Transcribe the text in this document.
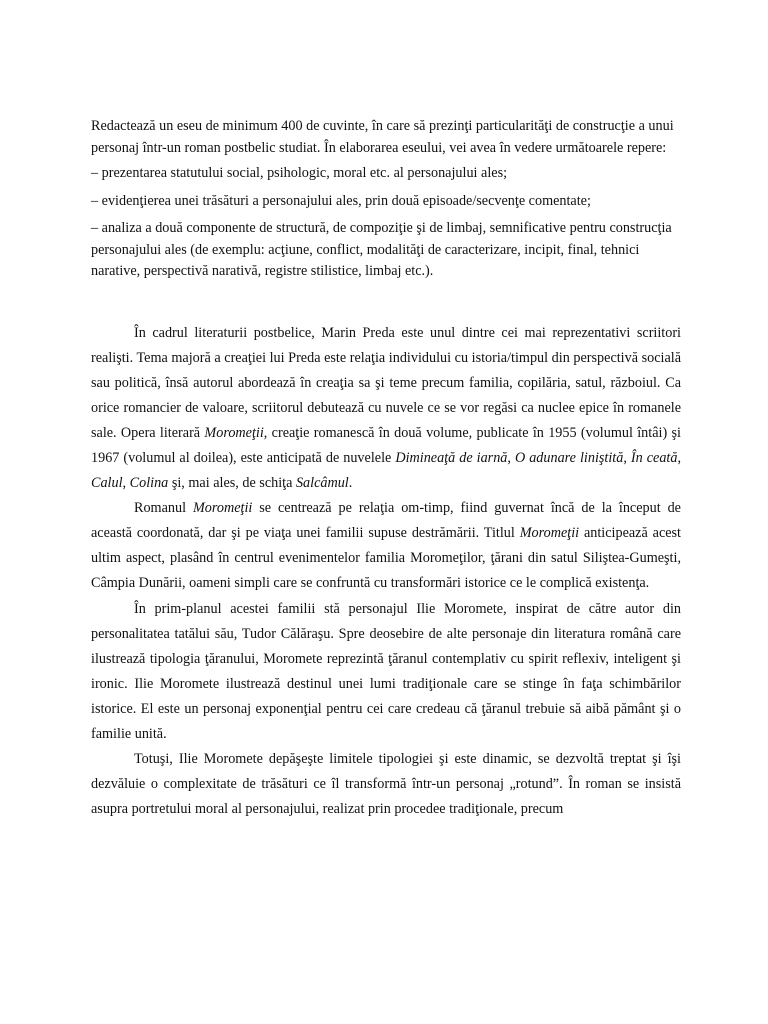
Redactează un eseu de minimum 400 de cuvinte, în care să prezinţi particularităţi de construcţie a unui personaj într-un roman postbelic studiat. În elaborarea eseului, vei avea în vedere următoarele repere:

– prezentarea statutului social, psihologic, moral etc. al personajului ales;

– evidenţierea unei trăsături a personajului ales, prin două episoade/secvenţe comentate;

– analiza a două componente de structură, de compoziţie şi de limbaj, semnificative pentru construcţia personajului ales (de exemplu: acţiune, conflict, modalităţi de caracterizare, incipit, final, tehnici narative, perspectivă narativă, registre stilistice, limbaj etc.).

În cadrul literaturii postbelice, Marin Preda este unul dintre cei mai reprezentativi scriitori realişti. Tema majoră a creaţiei lui Preda este relaţia individului cu istoria/timpul din perspectivă socială sau politică, însă autorul abordează în creaţia sa şi teme precum familia, copilăria, satul, războiul. Ca orice romancier de valoare, scriitorul debutează cu nuvele ce se vor regăsi ca nuclee epice în romanele sale. Opera literară Moromeţii, creaţie romanescă în două volume, publicate în 1955 (volumul întâi) şi 1967 (volumul al doilea), este anticipată de nuvelele Dimineaţă de iarnă, O adunare liniştită, În ceată, Calul, Colina şi, mai ales, de schiţa Salcâmul.

Romanul Moromeţii se centrează pe relaţia om-timp, fiind guvernat încă de la început de această coordonată, dar şi pe viaţa unei familii supuse destrămării. Titlul Moromeţii anticipează acest ultim aspect, plasând în centrul evenimentelor familia Moromeţilor, ţărani din satul Siliştea-Gumeşti, Câmpia Dunării, oameni simpli care se confruntă cu transformări istorice ce le complică existenţa.

În prim-planul acestei familii stă personajul Ilie Moromete, inspirat de către autor din personalitatea tatălui său, Tudor Călăraşu. Spre deosebire de alte personaje din literatura română care ilustrează tipologia ţăranului, Moromete reprezintă ţăranul contemplativ cu spirit reflexiv, inteligent şi ironic. Ilie Moromete ilustrează destinul unei lumi tradiţionale care se stinge în faţa schimbărilor istorice. El este un personaj exponenţial pentru cei care credeau că ţăranul trebuie să aibă pământ şi o familie unită.

Totuşi, Ilie Moromete depăşeşte limitele tipologiei şi este dinamic, se dezvoltă treptat şi îşi dezvăluie o complexitate de trăsături ce îl transformă într-un personaj „rotund”. În roman se insistă asupra portretului moral al personajului, realizat prin procedee tradiţionale, precum
